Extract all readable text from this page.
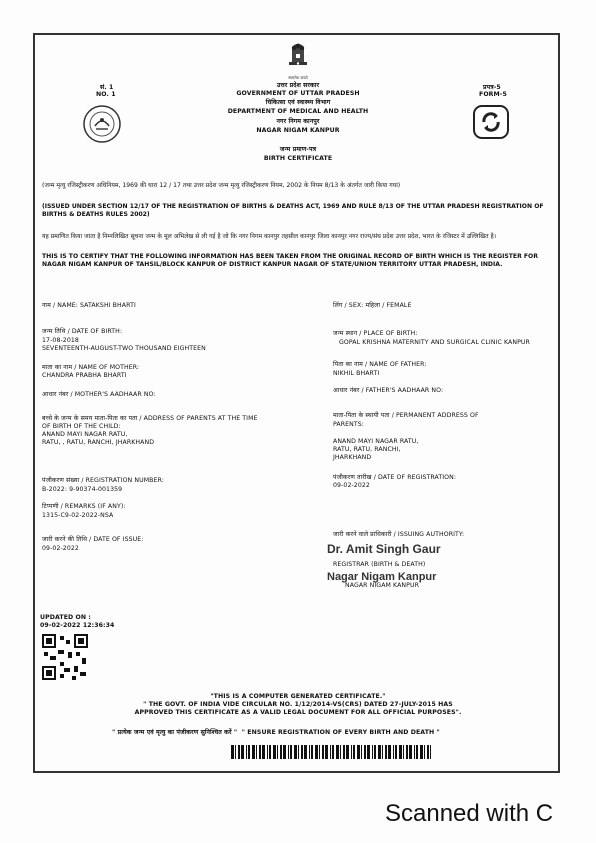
सत्यमेव जयते
सं. 1
NO. 1
प्रपत्र-5
FORM-5
उत्तर प्रदेश सरकार
GOVERNMENT OF UTTAR PRADESH
चिकित्सा एवं स्वास्थ्य विभाग
DEPARTMENT OF MEDICAL AND HEALTH
नगर निगम कानपुर
NAGAR NIGAM KANPUR
जन्म प्रमाण-पत्र
BIRTH CERTIFICATE
(जन्म मृत्यु रजिस्ट्रीकरण अधिनियम, 1969 की धारा 12 / 17 तथा उत्तर प्रदेश जन्म मृत्यु रजिस्ट्रीकरण नियम, 2002 के नियम 8/13 के अंतर्गत जारी किया गया)
(ISSUED UNDER SECTION 12/17 OF THE REGISTRATION OF BIRTHS & DEATHS ACT, 1969 AND RULE 8/13 OF THE UTTAR PRADESH REGISTRATION OF BIRTHS & DEATHS RULES 2002)
यह प्रमाणित किया जाता है निम्नलिखित सूचना जन्म के मूल अभिलेख से ली गई है जो कि नगर निगम कानपुर तहसील कानपुर जिला कानपुर नगर राज्य/संघ प्रदेश उत्तर प्रदेश, भारत के रजिस्टर में उल्लिखित है।
THIS IS TO CERTIFY THAT THE FOLLOWING INFORMATION HAS BEEN TAKEN FROM THE ORIGINAL RECORD OF BIRTH WHICH IS THE REGISTER FOR NAGAR NIGAM KANPUR OF TAHSIL/BLOCK KANPUR OF DISTRICT KANPUR NAGAR OF STATE/UNION TERRITORY UTTAR PRADESH, INDIA.
नाम / NAME: SATAKSHI BHARTI	लिंग / SEX: महिला / FEMALE
जन्म तिथि / DATE OF BIRTH:
17-08-2018
SEVENTEENTH-AUGUST-TWO THOUSAND EIGHTEEN
जन्म स्थान / PLACE OF BIRTH:
GOPAL KRISHNA MATERNITY AND SURGICAL CLINIC KANPUR
माता का नाम / NAME OF MOTHER:
CHANDRA PRABHA BHARTI
पिता का नाम / NAME OF FATHER:
NIKHIL BHARTI
आधार नंबर / MOTHER'S AADHAAR NO:
आधार नंबर / FATHER'S AADHAAR NO:
बच्चे के जन्म के समय माता-पिता का पता / ADDRESS OF PARENTS AT THE TIME
OF BIRTH OF THE CHILD:
ANAND MAYI NAGAR RATU,
RATU, , RATU, RANCHI, JHARKHAND
माता-पिता के स्थायी पता / PERMANENT ADDRESS OF
PARENTS:
ANAND MAYI NAGAR RATU,
RATU, RATU, RANCHI,
JHARKHAND
पंजीकरण संख्या / REGISTRATION NUMBER:
B-2022: 9-90374-001359
पंजीकरण तारीख / DATE OF REGISTRATION:
09-02-2022
टिप्पणी / REMARKS (IF ANY):
1315-C9-02-2022-NSA
जारी करने की तिथि / DATE OF ISSUE:
09-02-2022
जारी करने वाले प्राधिकारी / ISSUING AUTHORITY:
Dr. Amit Singh Gaur
REGISTRAR (BIRTH & DEATH)
Nagar Nigam Kanpur
NAGAR NIGAM KANPUR
UPDATED ON :
09-02-2022 12:36:34
"THIS IS A COMPUTER GENERATED CERTIFICATE."
" THE GOVT. OF INDIA VIDE CIRCULAR NO. 1/12/2014-VS(CRS) DATED 27-JULY-2015 HAS
APPROVED THIS CERTIFICATE AS A VALID LEGAL DOCUMENT FOR ALL OFFICIAL PURPOSES".
" प्रत्येक जन्म एवं मृत्यु का पंजीकरण सुनिश्चित करें " " ENSURE REGISTRATION OF EVERY BIRTH AND DEATH "
Scanned with C
